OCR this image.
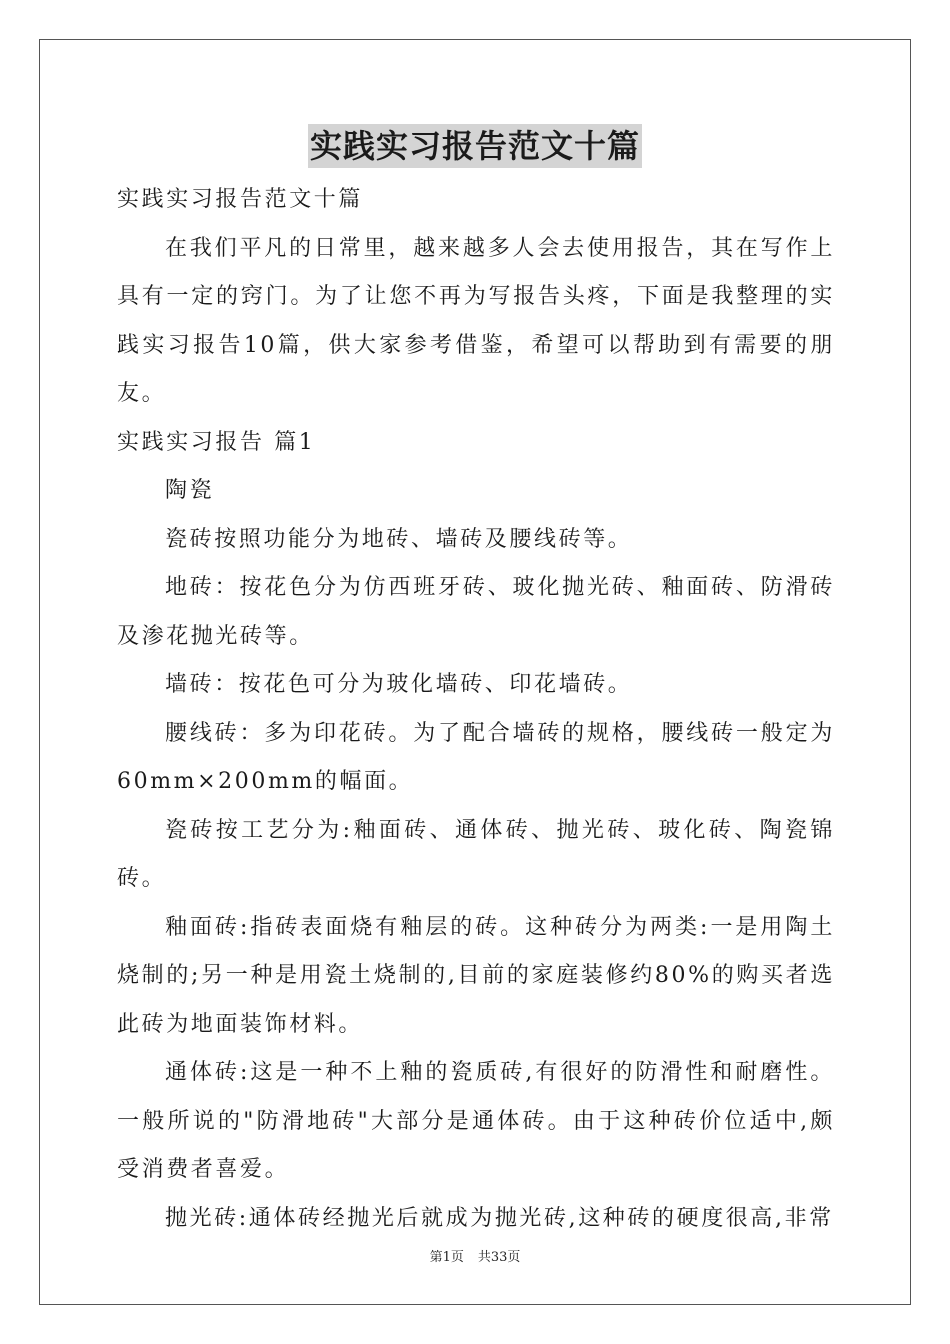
实践实习报告范文十篇

实践实习报告范文十篇

在我们平凡的日常里，越来越多人会去使用报告，其在写作上具有一定的窍门。为了让您不再为写报告头疼，下面是我整理的实践实习报告10篇，供大家参考借鉴，希望可以帮助到有需要的朋友。

实践实习报告 篇1

陶瓷

瓷砖按照功能分为地砖、墙砖及腰线砖等。

地砖：按花色分为仿西班牙砖、玻化抛光砖、釉面砖、防滑砖及渗花抛光砖等。

墙砖：按花色可分为玻化墙砖、印花墙砖。

腰线砖：多为印花砖。为了配合墙砖的规格，腰线砖一般定为60mm×200mm的幅面。

瓷砖按工艺分为:釉面砖、通体砖、抛光砖、玻化砖、陶瓷锦砖。

釉面砖:指砖表面烧有釉层的砖。这种砖分为两类:一是用陶土烧制的;另一种是用瓷土烧制的,目前的家庭装修约80%的购买者选此砖为地面装饰材料。

通体砖:这是一种不上釉的瓷质砖,有很好的防滑性和耐磨性。一般所说的"防滑地砖"大部分是通体砖。由于这种砖价位适中,颇受消费者喜爱。

抛光砖:通体砖经抛光后就成为抛光砖,这种砖的硬度很高,非常

第1页 共33页
